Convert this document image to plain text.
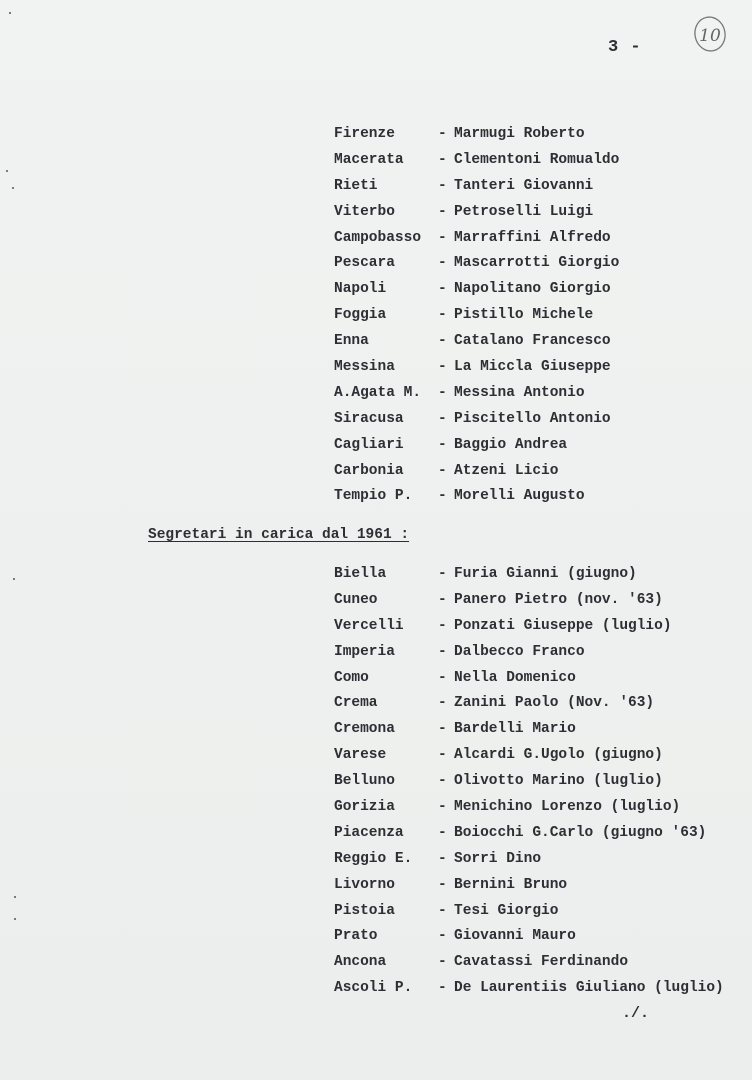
3 -
10
Firenze	- Marmugi Roberto
Macerata	- Clementoni Romualdo
Rieti	- Tanteri Giovanni
Viterbo	- Petroselli Luigi
Campobasso	- Marraffini Alfredo
Pescara	- Mascarrotti Giorgio
Napoli	- Napolitano Giorgio
Foggia	- Pistillo Michele
Enna	- Catalano Francesco
Messina	- La Miccla Giuseppe
A.Agata M.	- Messina Antonio
Siracusa	- Piscitello Antonio
Cagliari	- Baggio Andrea
Carbonia	- Atzeni Licio
Tempio P.	- Morelli Augusto
Segretari in carica dal 1961 :
Biella	- Furia Gianni (giugno)
Cuneo	- Panero Pietro (nov. '63)
Vercelli	- Ponzati Giuseppe (luglio)
Imperia	- Dalbecco Franco
Como	- Nella Domenico
Crema	- Zanini Paolo (Nov. '63)
Cremona	- Bardelli Mario
Varese	- Alcardi G.Ugolo (giugno)
Belluno	- Olivotto Marino (luglio)
Gorizia	- Menichino Lorenzo (luglio)
Piacenza	- Boiocchi G.Carlo (giugno '63)
Reggio E.	- Sorri Dino
Livorno	- Bernini Bruno
Pistoia	- Tesi Giorgio
Prato	- Giovanni Mauro
Ancona	- Cavatassi Ferdinando
Ascoli P.	- De Laurentiis Giuliano (luglio)
./.
